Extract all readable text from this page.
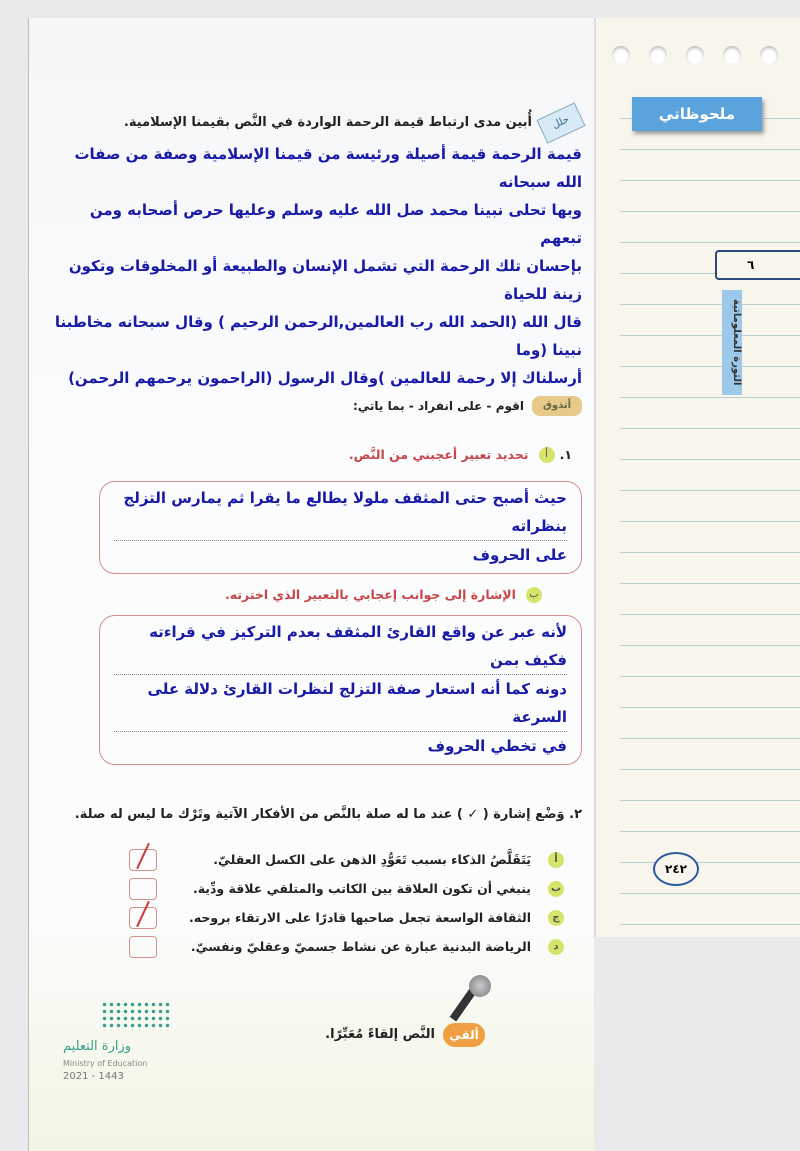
ملحوظاتي
٦
الثورة المعلوماتية
٢٤٢
حلل
أُبين مدى ارتباط قيمة الرحمة الواردة في النَّص بقيمنا الإسلامية.
قيمة الرحمة قيمة أصيلة ورئيسة من قيمنا الإسلامية وصفة من صفات الله سبحانه
وبها تحلى نبينا محمد صل الله عليه وسلم وعليها حرص أصحابه ومن تبعهم
بإحسان تلك الرحمة التي تشمل الإنسان والطبيعة أو المخلوقات وتكون زينة للحياة
قال الله (الحمد الله رب العالمين,الرحمن الرحيم ) وقال سبحانه مخاطبنا نبينا (وما
أرسلناك إلا رحمة للعالمين )وقال الرسول (الراحمون يرحمهم الرحمن)
أتذوق
اقوم - على انفراد - بما ياتي:
١. أ تحديد تعبير أعجبني من النَّص.
حيث أصبح حتى المثقف ملولا يطالع ما يقرا ثم يمارس التزلج بنظراته
على الحروف
ب الإشارة إلى جوانب إعجابي بالتعبير الذي اخترته.
لأنه عبر عن واقع القارئ المثقف بعدم التركيز في قراءته فكيف بمن
دونه كما أنه استعار صفة التزلج لنظرات القارئ دلالة على السرعة
في تخطي الحروف
٢. وَضْع إشارة ( ✓ ) عند ما له صلة بالنَّص من الأفكار الآتية وتَرْك ما ليس له صلة.
أ
يَتَقَلَّصُ الذكاء بسبب تَعَوُّدِ الذهن على الكسل العقليّ.
ب
ينبغي أن تكون العلاقة بين الكاتب والمتلقي علاقة ودِّية.
ج
الثقافة الواسعة تجعل صاحبها قادرًا على الارتقاء بروحه.
د
الرياضة البدنية عبارة عن نشاط جسميّ وعقليّ ونفسيّ.
وزارة التعليم
Ministry of Education
2021 - 1443
ألقي
النَّص إلقاءً مُعَبِّرًا.
